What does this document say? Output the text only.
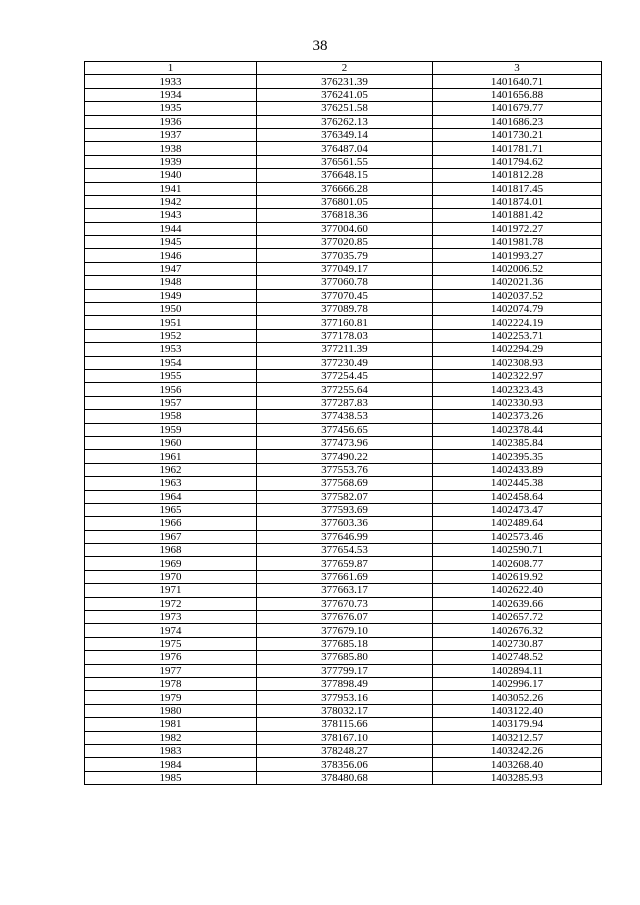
38
1	2	3
1933	376231.39	1401640.71
1934	376241.05	1401656.88
1935	376251.58	1401679.77
1936	376262.13	1401686.23
1937	376349.14	1401730.21
1938	376487.04	1401781.71
1939	376561.55	1401794.62
1940	376648.15	1401812.28
1941	376666.28	1401817.45
1942	376801.05	1401874.01
1943	376818.36	1401881.42
1944	377004.60	1401972.27
1945	377020.85	1401981.78
1946	377035.79	1401993.27
1947	377049.17	1402006.52
1948	377060.78	1402021.36
1949	377070.45	1402037.52
1950	377089.78	1402074.79
1951	377160.81	1402224.19
1952	377178.03	1402253.71
1953	377211.39	1402294.29
1954	377230.49	1402308.93
1955	377254.45	1402322.97
1956	377255.64	1402323.43
1957	377287.83	1402330.93
1958	377438.53	1402373.26
1959	377456.65	1402378.44
1960	377473.96	1402385.84
1961	377490.22	1402395.35
1962	377553.76	1402433.89
1963	377568.69	1402445.38
1964	377582.07	1402458.64
1965	377593.69	1402473.47
1966	377603.36	1402489.64
1967	377646.99	1402573.46
1968	377654.53	1402590.71
1969	377659.87	1402608.77
1970	377661.69	1402619.92
1971	377663.17	1402622.40
1972	377670.73	1402639.66
1973	377676.07	1402657.72
1974	377679.10	1402676.32
1975	377685.18	1402730.87
1976	377685.80	1402748.52
1977	377799.17	1402894.11
1978	377898.49	1402996.17
1979	377953.16	1403052.26
1980	378032.17	1403122.40
1981	378115.66	1403179.94
1982	378167.10	1403212.57
1983	378248.27	1403242.26
1984	378356.06	1403268.40
1985	378480.68	1403285.93
